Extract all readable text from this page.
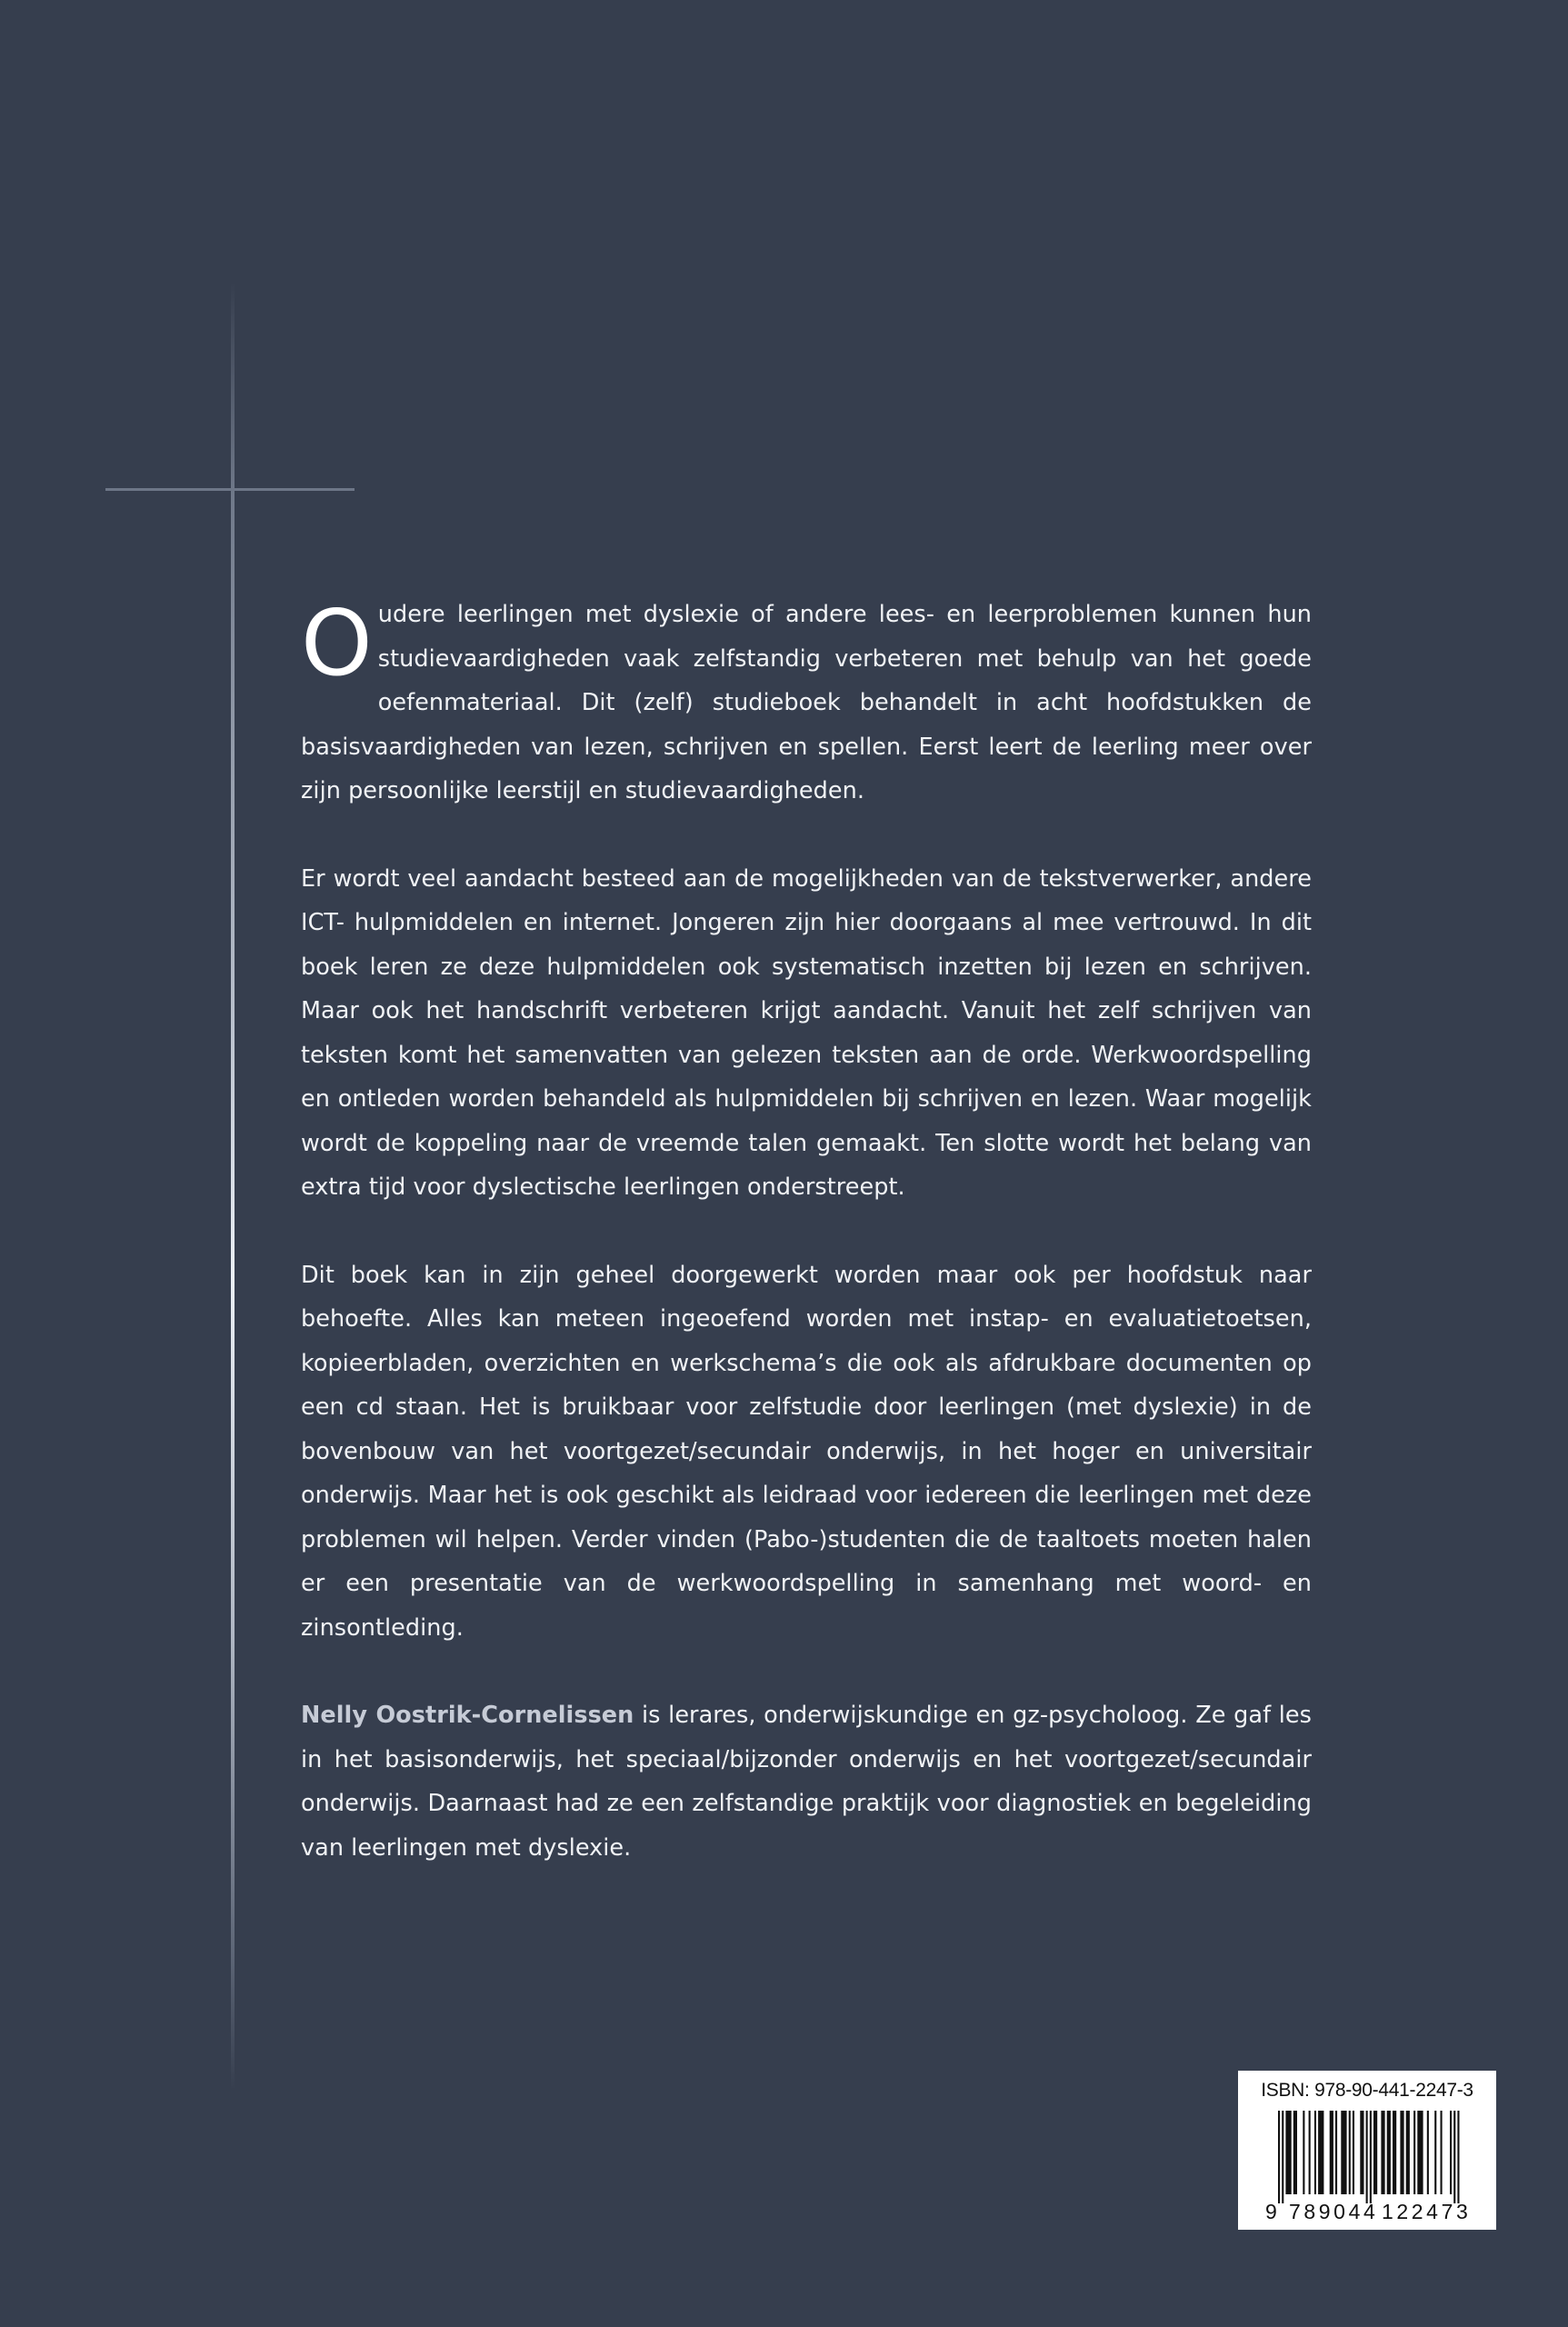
Oudere leerlingen met dyslexie of andere lees- en leerproblemen kunnen hun studievaardigheden vaak zelfstandig verbeteren met behulp van het goede oefenmateriaal. Dit (zelf) studieboek behandelt in acht hoofdstukken de basisvaardigheden van lezen, schrijven en spellen. Eerst leert de leerling meer over zijn persoonlijke leerstijl en studievaardigheden.

Er wordt veel aandacht besteed aan de mogelijkheden van de tekstverwerker, andere ICT- hulpmiddelen en internet. Jongeren zijn hier doorgaans al mee vertrouwd. In dit boek leren ze deze hulpmiddelen ook systematisch inzetten bij lezen en schrijven. Maar ook het handschrift verbeteren krijgt aandacht. Vanuit het zelf schrijven van teksten komt het samenvatten van gelezen teksten aan de orde. Werkwoordspelling en ontleden worden behandeld als hulpmiddelen bij schrijven en lezen. Waar mogelijk wordt de koppeling naar de vreemde talen gemaakt. Ten slotte wordt het belang van extra tijd voor dyslectische leerlingen onderstreept.

Dit boek kan in zijn geheel doorgewerkt worden maar ook per hoofdstuk naar behoefte. Alles kan meteen ingeoefend worden met instap- en evaluatietoetsen, kopieerbladen, overzichten en werkschema’s die ook als afdrukbare documenten op een cd staan. Het is bruikbaar voor zelfstudie door leerlingen (met dyslexie) in de bovenbouw van het voortgezet/secundair onderwijs, in het hoger en universitair onderwijs. Maar het is ook geschikt als leidraad voor iedereen die leerlingen met deze problemen wil helpen. Verder vinden (Pabo-)studenten die de taaltoets moeten halen er een presentatie van de werkwoordspelling in samenhang met woord- en zinsontleding.

Nelly Oostrik-Cornelissen is lerares, onderwijskundige en gz-psycholoog. Ze gaf les in het basisonderwijs, het speciaal/bijzonder onderwijs en het voortgezet/secundair onderwijs. Daarnaast had ze een zelfstandige praktijk voor diagnostiek en begeleiding van leerlingen met dyslexie.

ISBN: 978-90-441-2247-3
9 789044 122473
